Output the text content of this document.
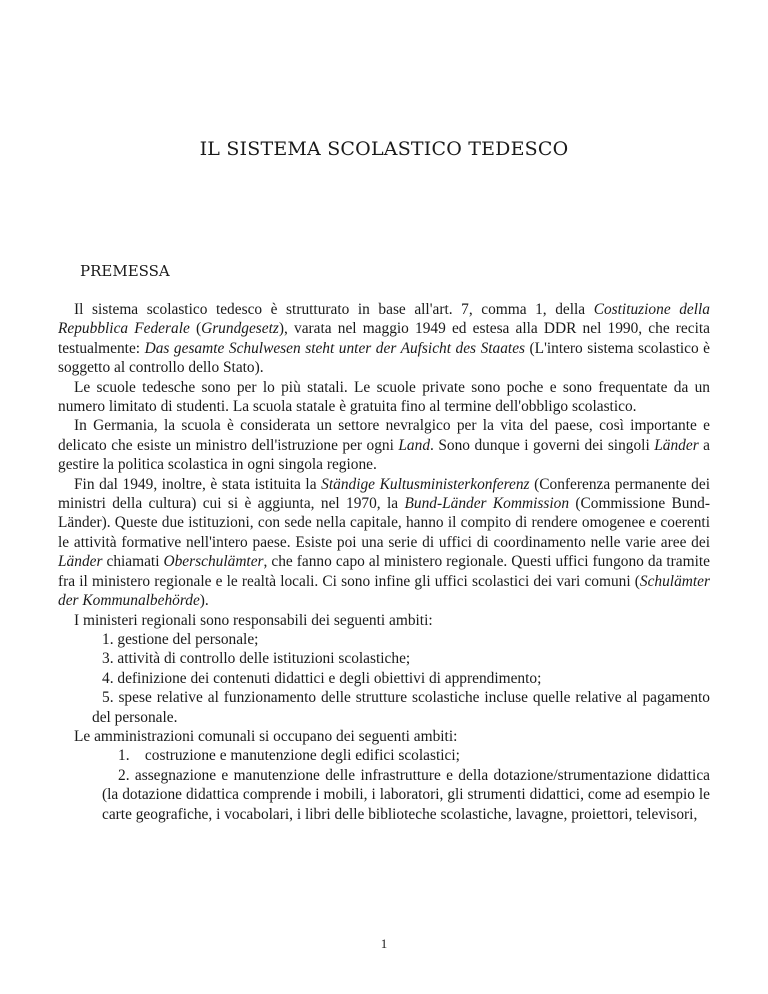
IL SISTEMA SCOLASTICO TEDESCO
PREMESSA

Il sistema scolastico tedesco è strutturato in base all'art. 7, comma 1, della Costituzione della Repubblica Federale (Grundgesetz), varata nel maggio 1949 ed estesa alla DDR nel 1990, che recita testualmente: Das gesamte Schulwesen steht unter der Aufsicht des Staates (L'intero sistema scolastico è soggetto al controllo dello Stato).

Le scuole tedesche sono per lo più statali. Le scuole private sono poche e sono frequentate da un numero limitato di studenti. La scuola statale è gratuita fino al termine dell'obbligo scolastico.

In Germania, la scuola è considerata un settore nevralgico per la vita del paese, così importante e delicato che esiste un ministro dell'istruzione per ogni Land. Sono dunque i governi dei singoli Länder a gestire la politica scolastica in ogni singola regione.

Fin dal 1949, inoltre, è stata istituita la Ständige Kultusministerkonferenz (Conferenza permanente dei ministri della cultura) cui si è aggiunta, nel 1970, la Bund-Länder Kommission (Commissione Bund-Länder). Queste due istituzioni, con sede nella capitale, hanno il compito di rendere omogenee e coerenti le attività formative nell'intero paese. Esiste poi una serie di uffici di coordinamento nelle varie aree dei Länder chiamati Oberschulämter, che fanno capo al ministero regionale. Questi uffici fungono da tramite fra il ministero regionale e le realtà locali. Ci sono infine gli uffici scolastici dei vari comuni (Schulämter der Kommunalbehörde).

I ministeri regionali sono responsabili dei seguenti ambiti:

1. gestione del personale;

3. attività di controllo delle istituzioni scolastiche;

4. definizione dei contenuti didattici e degli obiettivi di apprendimento;

5. spese relative al funzionamento delle strutture scolastiche incluse quelle relative al pagamento del personale.

Le amministrazioni comunali si occupano dei seguenti ambiti:

1.    costruzione e manutenzione degli edifici scolastici;

2. assegnazione e manutenzione delle infrastrutture e della dotazione/strumentazione didattica (la dotazione didattica comprende i mobili, i laboratori, gli strumenti didattici, come ad esempio le carte geografiche, i vocabolari, i libri delle biblioteche scolastiche, lavagne, proiettori, televisori,

1
